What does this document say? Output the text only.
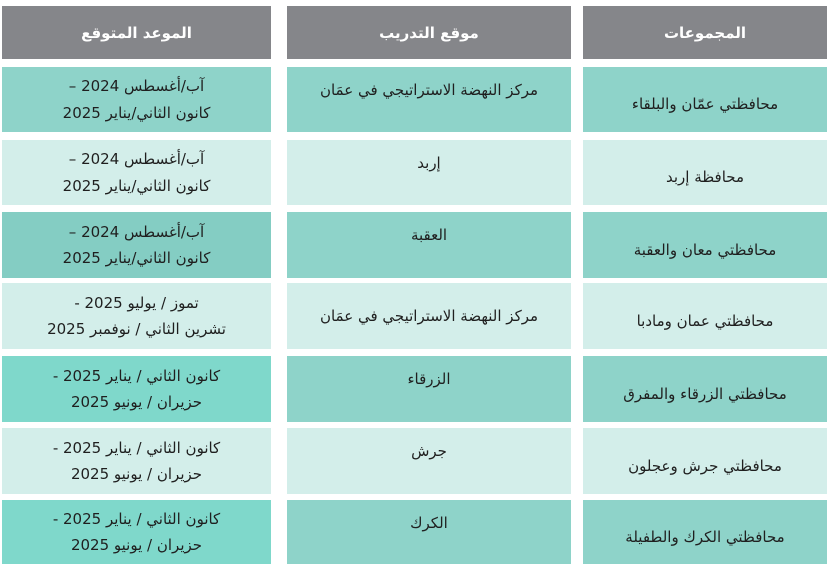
المجموعات
موقع التدريب
الموعد المتوقع
محافظتي عمّان والبلقاء
مركز النهضة الاستراتيجي في عمَان
آب/أغسطس 2024 –
كانون الثاني/يناير 2025
محافظة إربد
إربد
آب/أغسطس 2024 –
كانون الثاني/يناير 2025
محافظتي معان والعقبة
العقبة
آب/أغسطس 2024 –
كانون الثاني/يناير 2025
محافظتي عمان ومادبا
مركز النهضة الاستراتيجي في عمَان
تموز / يوليو 2025 -
تشرين الثاني / نوفمبر 2025
محافظتي الزرقاء والمفرق
الزرقاء
كانون الثاني / يناير 2025 -
حزيران / يونيو 2025
محافظتي جرش وعجلون
جرش
كانون الثاني / يناير 2025 -
حزيران / يونيو 2025
محافظتي الكرك والطفيلة
الكرك
كانون الثاني / يناير 2025 -
حزيران / يونيو 2025
